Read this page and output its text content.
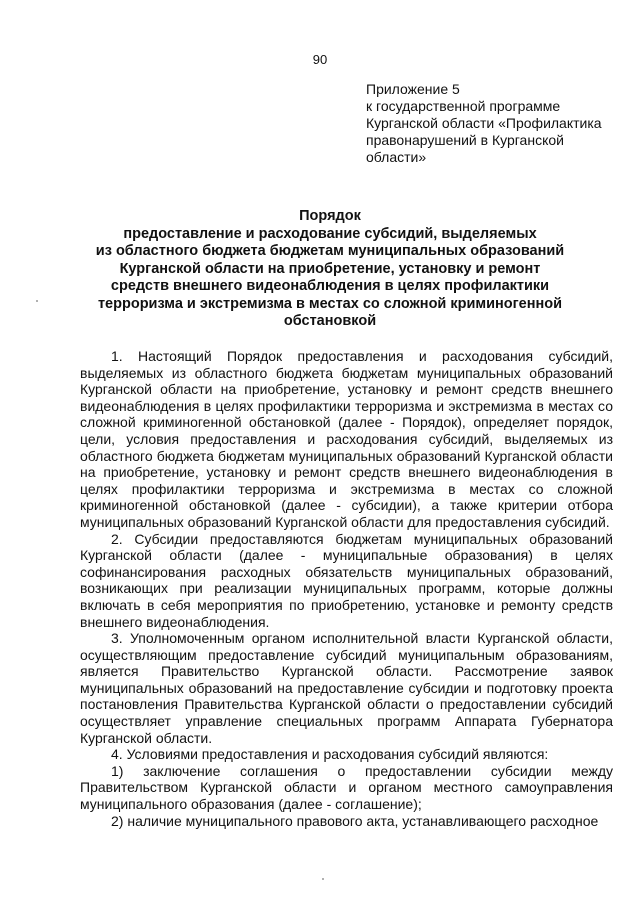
90
Приложение 5
к государственной программе
Курганской области «Профилактика
правонарушений в Курганской
области»
Порядок
предоставление и расходование субсидий, выделяемых
из областного бюджета бюджетам муниципальных образований
Курганской области на приобретение, установку и ремонт
средств внешнего видеонаблюдения в целях профилактики
терроризма и экстремизма в местах со сложной криминогенной
обстановкой
1. Настоящий Порядок предоставления и расходования субсидий,
выделяемых из областного бюджета бюджетам муниципальных образований
Курганской области на приобретение, установку и ремонт средств внешнего
видеонаблюдения в целях профилактики терроризма и экстремизма в местах со
сложной криминогенной обстановкой (далее - Порядок), определяет порядок,
цели, условия предоставления и расходования субсидий, выделяемых из
областного бюджета бюджетам муниципальных образований Курганской области
на приобретение, установку и ремонт средств внешнего видеонаблюдения в
целях профилактики терроризма и экстремизма в местах со сложной
криминогенной обстановкой (далее - субсидии), а также критерии отбора
муниципальных образований Курганской области для предоставления субсидий.
2. Субсидии предоставляются бюджетам муниципальных образований
Курганской области (далее - муниципальные образования) в целях
софинансирования расходных обязательств муниципальных образований,
возникающих при реализации муниципальных программ, которые должны
включать в себя мероприятия по приобретению, установке и ремонту средств
внешнего видеонаблюдения.
3. Уполномоченным органом исполнительной власти Курганской области,
осуществляющим предоставление субсидий муниципальным образованиям,
является Правительство Курганской области. Рассмотрение заявок
муниципальных образований на предоставление субсидии и подготовку проекта
постановления Правительства Курганской области о предоставлении субсидий
осуществляет управление специальных программ Аппарата Губернатора
Курганской области.
4. Условиями предоставления и расходования субсидий являются:
1) заключение соглашения о предоставлении субсидии между
Правительством Курганской области и органом местного самоуправления
муниципального образования (далее - соглашение);
2) наличие муниципального правового акта, устанавливающего расходное
